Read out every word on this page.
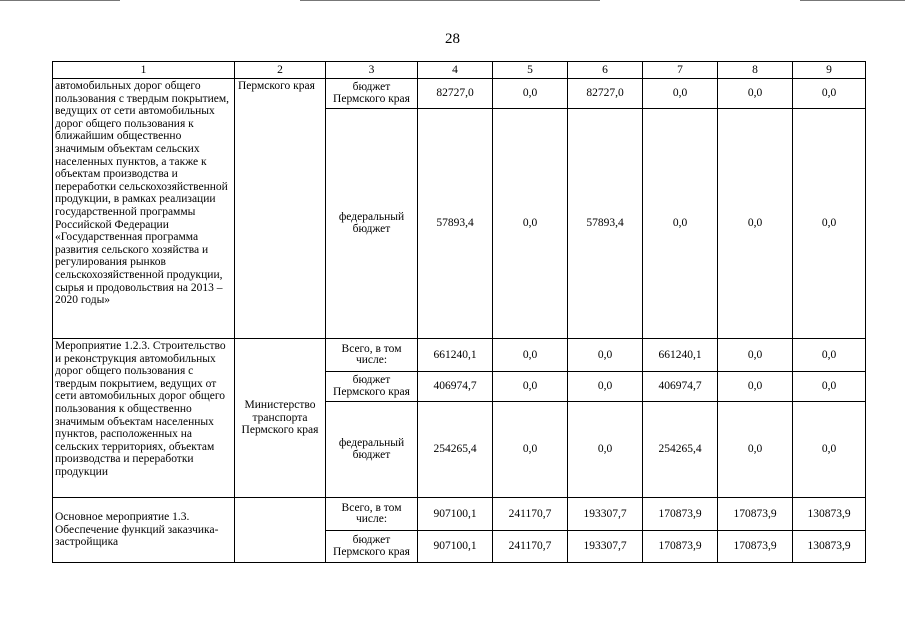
28
1	2	3	4	5	6	7	8	9
автомобильных дорог общего пользования с твердым покрытием, ведущих от сети автомобильных дорог общего пользования к ближайшим общественно значимым объектам сельских населенных пунктов, а также к объектам производства и переработки сельскохозяйственной продукции, в рамках реализации государственной программы Российской Федерации «Государственная программа развития сельского хозяйства и регулирования рынков сельскохозяйственной продукции, сырья и продовольствия на 2013 – 2020 годы»	Пермского края	бюджет Пермского края	82727,0	0,0	82727,0	0,0	0,0	0,0
		федеральный бюджет	57893,4	0,0	57893,4	0,0	0,0	0,0
Мероприятие 1.2.3. Строительство и реконструкция автомобильных дорог общего пользования с твердым покрытием, ведущих от сети автомобильных дорог общего пользования к общественно значимым объектам населенных пунктов, расположенных на сельских территориях, объектам производства и переработки продукции	Министерство транспорта Пермского края	Всего, в том числе:	661240,1	0,0	0,0	661240,1	0,0	0,0
		бюджет Пермского края	406974,7	0,0	0,0	406974,7	0,0	0,0
		федеральный бюджет	254265,4	0,0	0,0	254265,4	0,0	0,0
Основное мероприятие 1.3. Обеспечение функций заказчика-застройщика		Всего, в том числе:	907100,1	241170,7	193307,7	170873,9	170873,9	130873,9
		бюджет Пермского края	907100,1	241170,7	193307,7	170873,9	170873,9	130873,9
